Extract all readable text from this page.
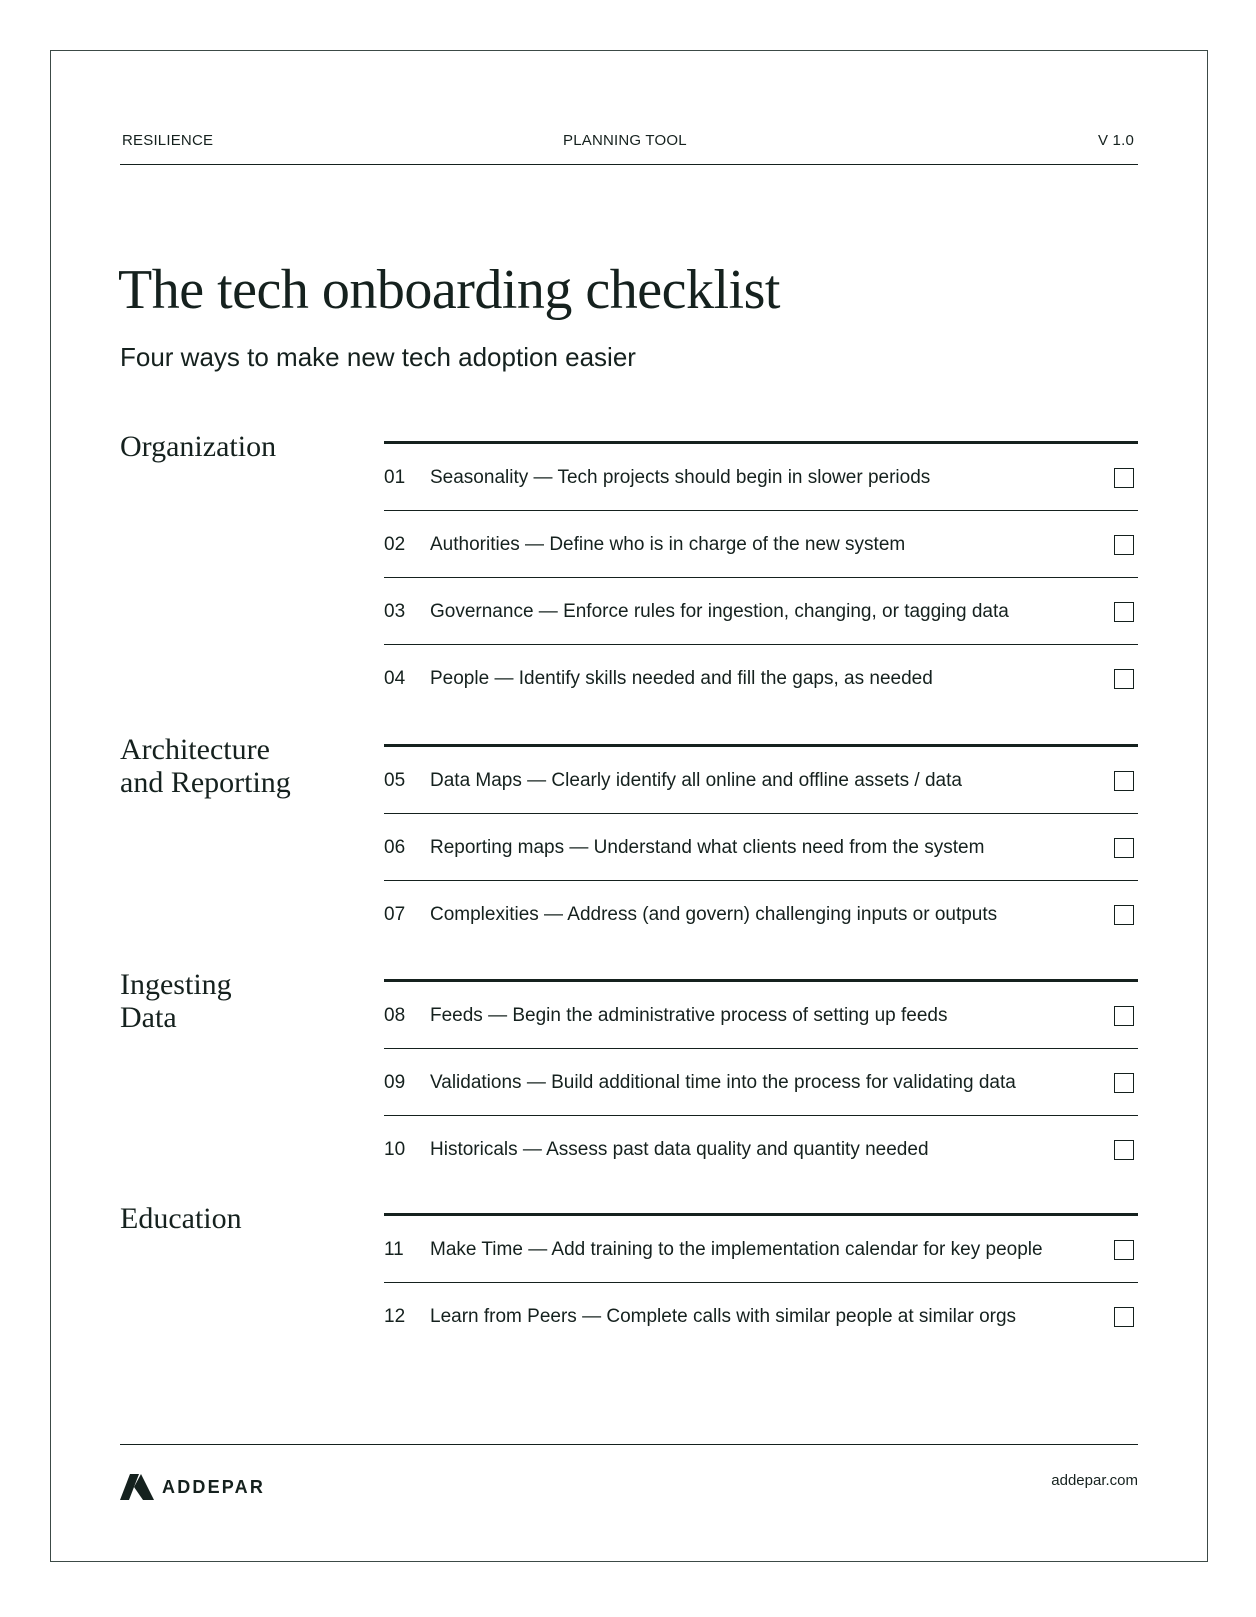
RESILIENCE	PLANNING TOOL	V 1.0
The tech onboarding checklist
Four ways to make new tech adoption easier
Organization
01 Seasonality — Tech projects should begin in slower periods
02 Authorities — Define who is in charge of the new system
03 Governance — Enforce rules for ingestion, changing, or tagging data
04 People — Identify skills needed and fill the gaps, as needed
Architecture
and Reporting	05 Data Maps — Clearly identify all online and offline assets / data
06 Reporting maps — Understand what clients need from the system
07 Complexities — Address (and govern) challenging inputs or outputs
Ingesting
Data	08 Feeds — Begin the administrative process of setting up feeds
09 Validations — Build additional time into the process for validating data
10 Historicals — Assess past data quality and quantity needed
Education
11 Make Time — Add training to the implementation calendar for key people
12 Learn from Peers — Complete calls with similar people at similar orgs
ADDEPAR	addepar.com
